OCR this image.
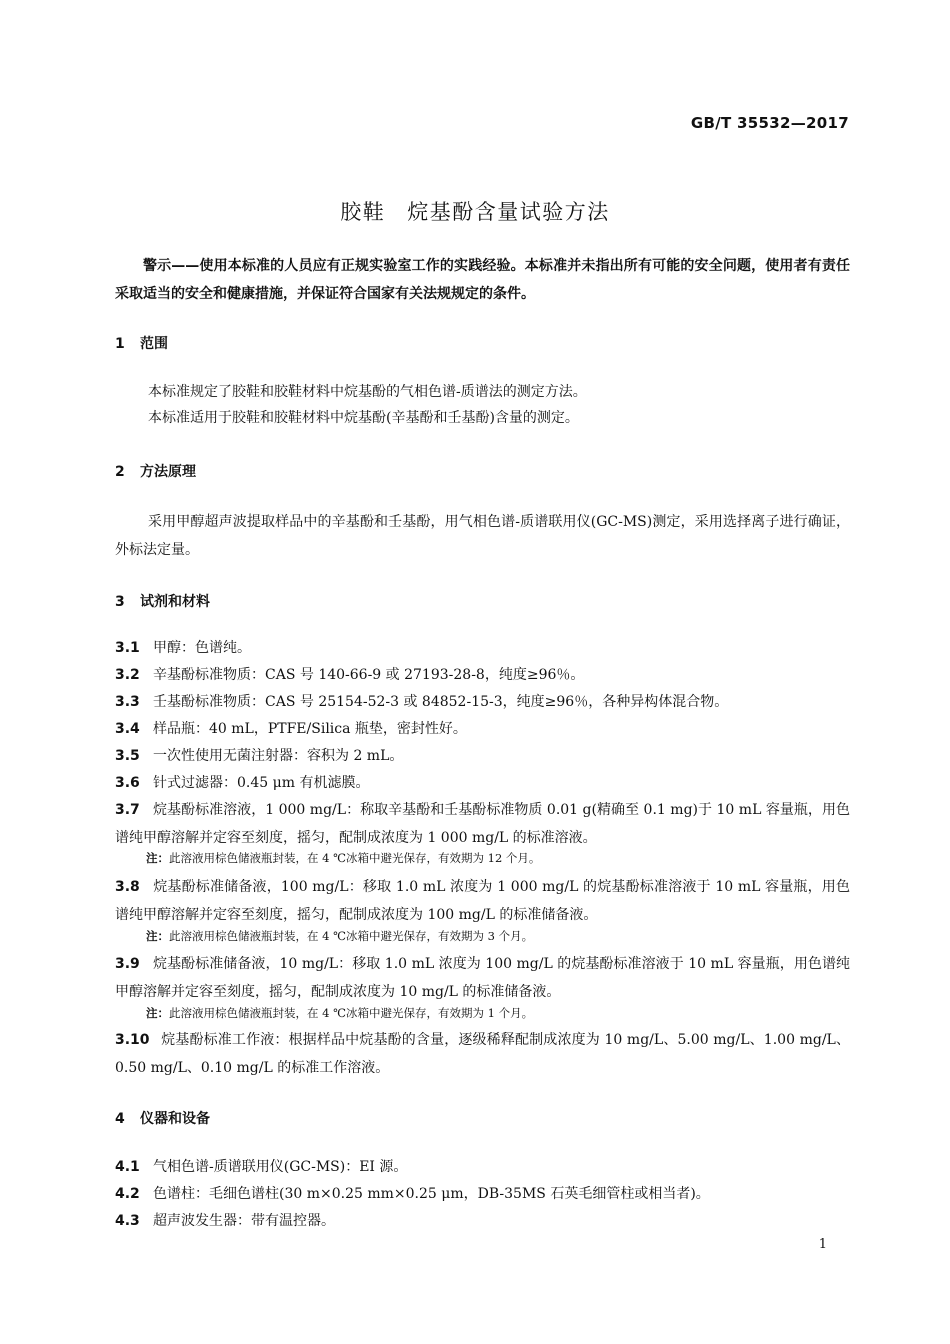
GB/T 35532—2017
胶鞋 烷基酚含量试验方法
警示——使用本标准的人员应有正规实验室工作的实践经验。本标准并未指出所有可能的安全问题，使用者有责任采取适当的安全和健康措施，并保证符合国家有关法规规定的条件。
1 范围
本标准规定了胶鞋和胶鞋材料中烷基酚的气相色谱-质谱法的测定方法。
本标准适用于胶鞋和胶鞋材料中烷基酚(辛基酚和壬基酚)含量的测定。
2 方法原理
采用甲醇超声波提取样品中的辛基酚和壬基酚，用气相色谱-质谱联用仪(GC-MS)测定，采用选择离子进行确证，外标法定量。
3 试剂和材料
3.1 甲醇：色谱纯。
3.2 辛基酚标准物质：CAS 号 140-66-9 或 27193-28-8，纯度≥96％。
3.3 壬基酚标准物质：CAS 号 25154-52-3 或 84852-15-3，纯度≥96％，各种异构体混合物。
3.4 样品瓶：40 mL，PTFE/Silica 瓶垫，密封性好。
3.5 一次性使用无菌注射器：容积为 2 mL。
3.6 针式过滤器：0.45 μm 有机滤膜。
3.7 烷基酚标准溶液，1 000 mg/L：称取辛基酚和壬基酚标准物质 0.01 g(精确至 0.1 mg)于 10 mL 容量瓶，用色谱纯甲醇溶解并定容至刻度，摇匀，配制成浓度为 1 000 mg/L 的标准溶液。
注：此溶液用棕色储液瓶封装，在 4 ℃冰箱中避光保存，有效期为 12 个月。
3.8 烷基酚标准储备液，100 mg/L：移取 1.0 mL 浓度为 1 000 mg/L 的烷基酚标准溶液于 10 mL 容量瓶，用色谱纯甲醇溶解并定容至刻度，摇匀，配制成浓度为 100 mg/L 的标准储备液。
注：此溶液用棕色储液瓶封装，在 4 ℃冰箱中避光保存，有效期为 3 个月。
3.9 烷基酚标准储备液，10 mg/L：移取 1.0 mL 浓度为 100 mg/L 的烷基酚标准溶液于 10 mL 容量瓶，用色谱纯甲醇溶解并定容至刻度，摇匀，配制成浓度为 10 mg/L 的标准储备液。
注：此溶液用棕色储液瓶封装，在 4 ℃冰箱中避光保存，有效期为 1 个月。
3.10 烷基酚标准工作液：根据样品中烷基酚的含量，逐级稀释配制成浓度为 10 mg/L、5.00 mg/L、1.00 mg/L、0.50 mg/L、0.10 mg/L 的标准工作溶液。
4 仪器和设备
4.1 气相色谱-质谱联用仪(GC-MS)：EI 源。
4.2 色谱柱：毛细色谱柱(30 m×0.25 mm×0.25 μm，DB-35MS 石英毛细管柱或相当者)。
4.3 超声波发生器：带有温控器。
1
